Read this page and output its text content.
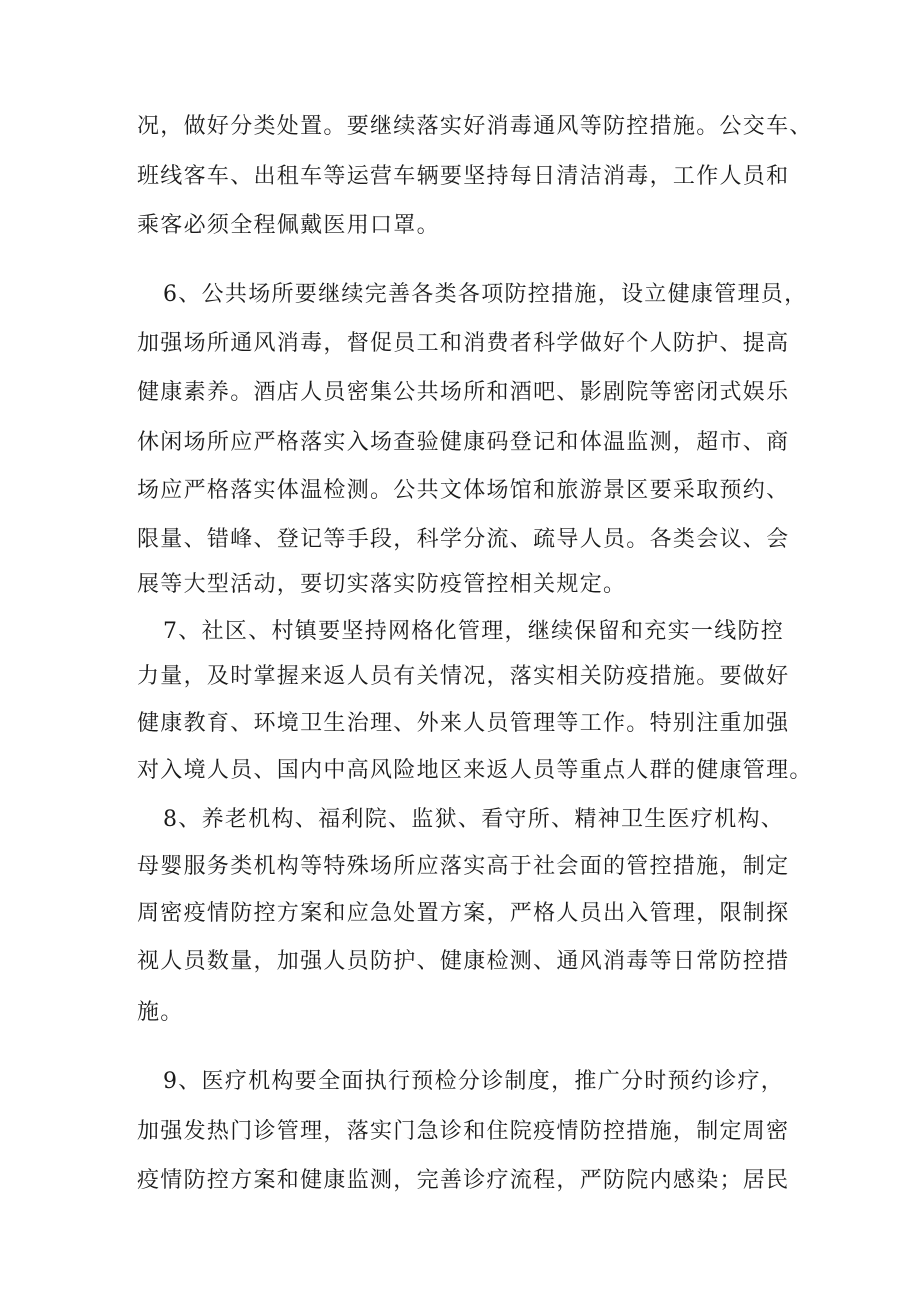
况，做好分类处置。要继续落实好消毒通风等防控措施。公交车、
班线客车、出租车等运营车辆要坚持每日清洁消毒，工作人员和
乘客必须全程佩戴医用口罩。
6、公共场所要继续完善各类各项防控措施，设立健康管理员，
加强场所通风消毒，督促员工和消费者科学做好个人防护、提高
健康素养。酒店人员密集公共场所和酒吧、影剧院等密闭式娱乐
休闲场所应严格落实入场查验健康码登记和体温监测，超市、商
场应严格落实体温检测。公共文体场馆和旅游景区要采取预约、
限量、错峰、登记等手段，科学分流、疏导人员。各类会议、会
展等大型活动，要切实落实防疫管控相关规定。
7、社区、村镇要坚持网格化管理，继续保留和充实一线防控
力量，及时掌握来返人员有关情况，落实相关防疫措施。要做好
健康教育、环境卫生治理、外来人员管理等工作。特别注重加强
对入境人员、国内中高风险地区来返人员等重点人群的健康管理。
8、养老机构、福利院、监狱、看守所、精神卫生医疗机构、
母婴服务类机构等特殊场所应落实高于社会面的管控措施，制定
周密疫情防控方案和应急处置方案，严格人员出入管理，限制探
视人员数量，加强人员防护、健康检测、通风消毒等日常防控措
施。
9、医疗机构要全面执行预检分诊制度，推广分时预约诊疗，
加强发热门诊管理，落实门急诊和住院疫情防控措施，制定周密
疫情防控方案和健康监测，完善诊疗流程，严防院内感染；居民
